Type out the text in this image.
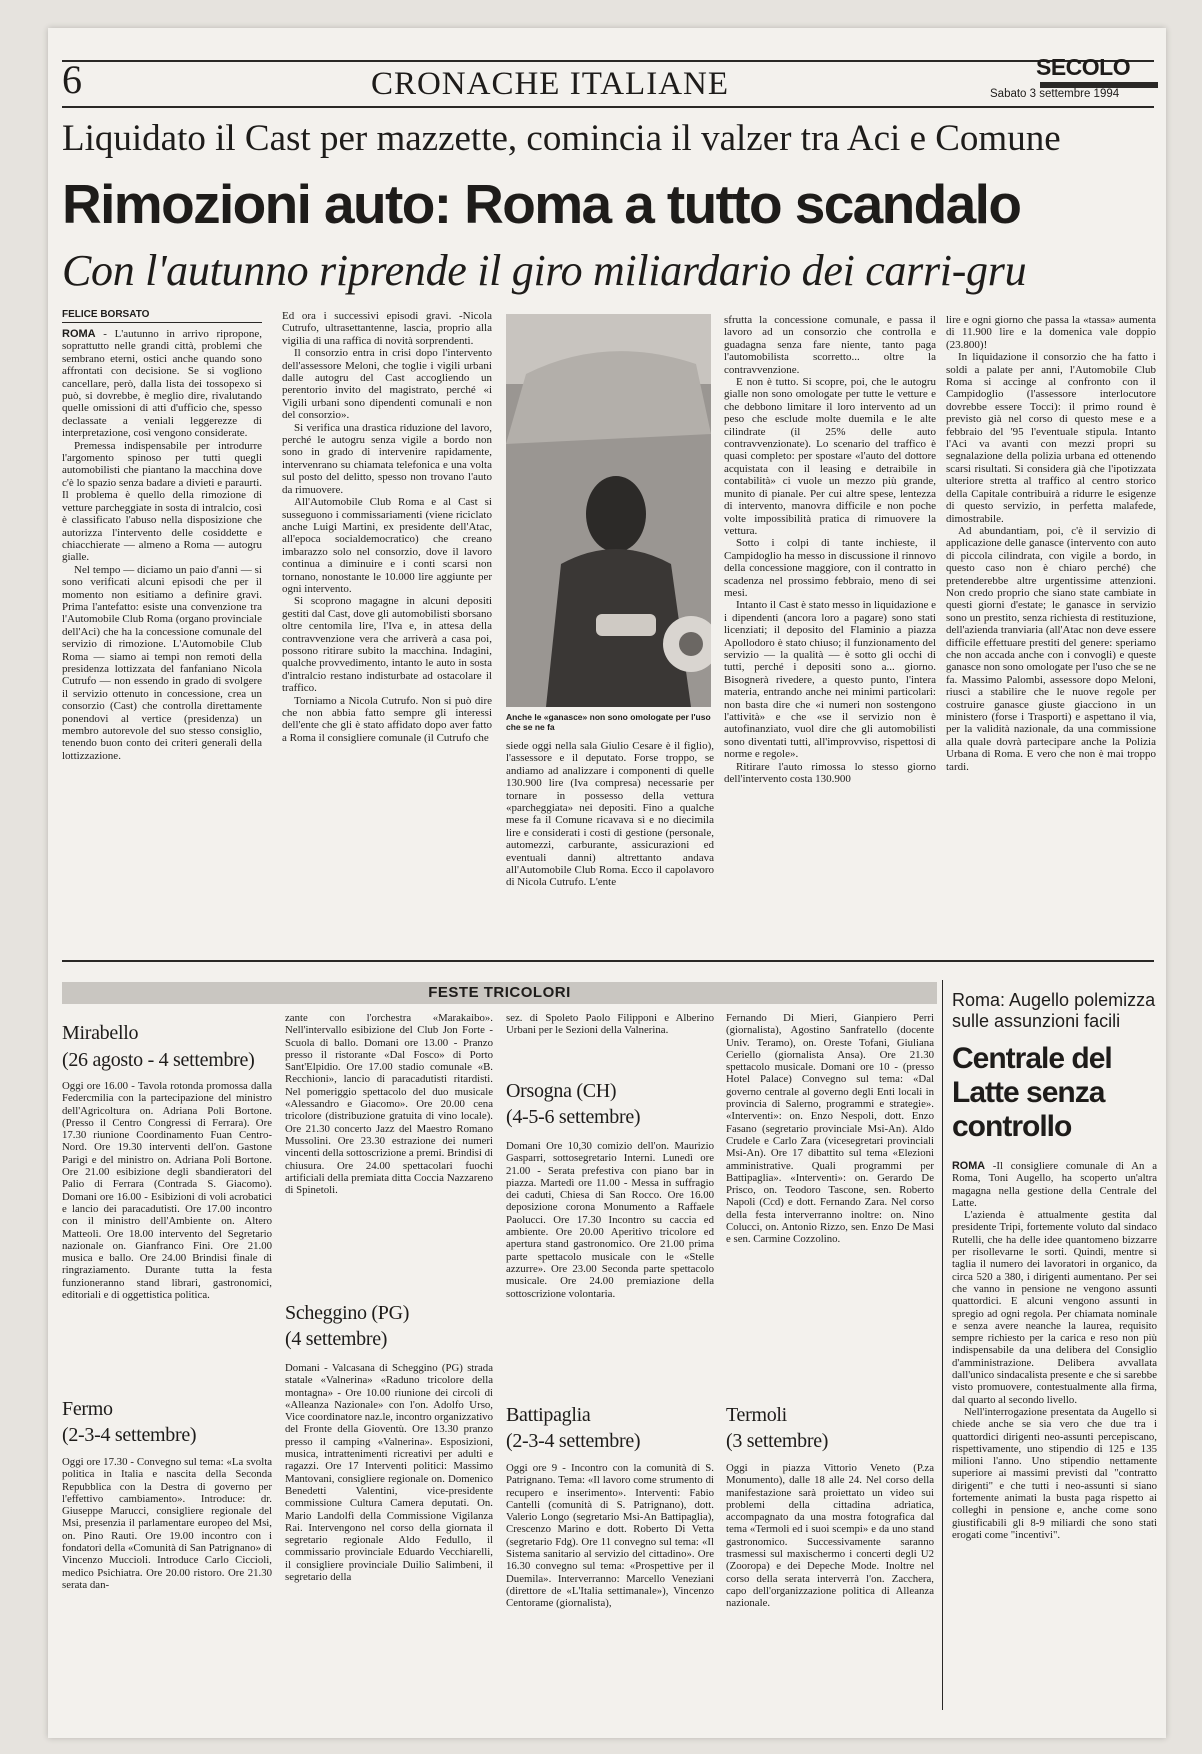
6	CRONACHE ITALIANE	SECOLO
Sabato 3 settembre 1994
Liquidato il Cast per mazzette, comincia il valzer tra Aci e Comune
Rimozioni auto: Roma a tutto scandalo
Con l'autunno riprende il giro miliardario dei carri-gru
FELICE BORSATO

ROMA - L'autunno in arrivo ripropone, soprattutto nelle grandi città, problemi che sembrano eterni, ostici anche quando sono affrontati con decisione. Se si vogliono cancellare, però, dalla lista dei tossopexo si può, si dovrebbe, è meglio dire, rivalutando quelle omissioni di atti d'ufficio che, spesso declassate a veniali leggerezze di interpretazione, così vengono considerate.

Premessa indispensabile per introdurre l'argomento spinoso per tutti quegli automobilisti che piantano la macchina dove c'è lo spazio senza badare a divieti e paraurti. Il problema è quello della rimozione di vetture parcheggiate in sosta di intralcio, così è classificato l'abuso nella disposizione che autorizza l'intervento delle cosiddette e chiacchierate — almeno a Roma — autogru gialle.

Nel tempo — diciamo un paio d'anni — si sono verificati alcuni episodi che per il momento non esitiamo a definire gravi. Prima l'antefatto: esiste una convenzione tra l'Automobile Club Roma (organo provinciale dell'Aci) che ha la concessione comunale del servizio di rimozione. L'Automobile Club Roma — siamo ai tempi non remoti della presidenza lottizzata del fanfaniano Nicola Cutrufo — non essendo in grado di svolgere il servizio ottenuto in concessione, crea un consorzio (Cast) che controlla direttamente ponendovi al vertice (presidenza) un membro autorevole del suo stesso consiglio, tenendo buon conto dei criteri generali della lottizzazione.

Ed ora i successivi episodi gravi. -Nicola Cutrufo, ultrasettantenne, lascia, proprio alla vigilia di una raffica di novità sorprendenti.

Il consorzio entra in crisi dopo l'intervento dell'assessore Meloni, che toglie i vigili urbani dalle autogru del Cast accogliendo un perentorio invito del magistrato, perché «i Vigili urbani sono dipendenti comunali e non del consorzio».

Si verifica una drastica riduzione del lavoro, perché le autogru senza vigile a bordo non sono in grado di intervenire rapidamente, intervenrano su chiamata telefonica e una volta sul posto del delitto, spesso non trovano l'auto da rimuovere.

All'Automobile Club Roma e al Cast si susseguono i commissariamenti (viene riciclato anche Luigi Martini, ex presidente dell'Atac, all'epoca socialdemocratico) che creano imbarazzo solo nel consorzio, dove il lavoro continua a diminuire e i conti scarsi non tornano, nonostante le 10.000 lire aggiunte per ogni intervento.

Si scoprono magagne in alcuni depositi gestiti dal Cast, dove gli automobilisti sborsano oltre centomila lire, l'Iva e, in attesa della contravvenzione vera che arriverà a casa poi, possono ritirare subito la macchina. Indagini, qualche provvedimento, intanto le auto in sosta d'intralcio restano indisturbate ad ostacolare il traffico.

Torniamo a Nicola Cutrufo. Non si può dire che non abbia fatto sempre gli interessi dell'ente che gli è stato affidato dopo aver fatto a Roma il consigliere comunale (il Cutrufo che

Anche le «ganasce» non sono omologate per l'uso che se ne fa

siede oggi nella sala Giulio Cesare è il figlio), l'assessore e il deputato. Forse troppo, se andiamo ad analizzare i componenti di quelle 130.900 lire (Iva compresa) necessarie per tornare in possesso della vettura «parcheggiata» nei depositi. Fino a qualche mese fa il Comune ricavava sì e no diecimila lire e considerati i costi di gestione (personale, automezzi, carburante, assicurazioni ed eventuali danni) altrettanto andava all'Automobile Club Roma. Ecco il capolavoro di Nicola Cutrufo. L'ente

sfrutta la concessione comunale, e passa il lavoro ad un consorzio che controlla e guadagna senza fare niente, tanto paga l'automobilista scorretto... oltre la contravvenzione.

E non è tutto. Si scopre, poi, che le autogru gialle non sono omologate per tutte le vetture e che debbono limitare il loro intervento ad un peso che esclude molte duemila e le alte cilindrate (il 25% delle auto contravvenzionate). Lo scenario del traffico è quasi completo: per spostare «l'auto del dottore acquistata con il leasing e detraibile in contabilità» ci vuole un mezzo più grande, munito di pianale. Per cui altre spese, lentezza di intervento, manovra difficile e non poche volte impossibilità pratica di rimuovere la vettura.

Sotto i colpi di tante inchieste, il Campidoglio ha messo in discussione il rinnovo della concessione maggiore, con il contratto in scadenza nel prossimo febbraio, meno di sei mesi.

Intanto il Cast è stato messo in liquidazione e i dipendenti (ancora loro a pagare) sono stati licenziati; il deposito del Flaminio a piazza Apollodoro è stato chiuso; il funzionamento del servizio — la qualità — è sotto gli occhi di tutti, perché i depositi sono a... giorno. Bisognerà rivedere, a questo punto, l'intera materia, entrando anche nei minimi particolari: non basta dire che «i numeri non sostengono l'attività» e che «se il servizio non è autofinanziato, vuol dire che gli automobilisti sono diventati tutti, all'improvviso, rispettosi di norme e regole».

Ritirare l'auto rimossa lo stesso giorno dell'intervento costa 130.900

lire e ogni giorno che passa la «tassa» aumenta di 11.900 lire e la domenica vale doppio (23.800)!

In liquidazione il consorzio che ha fatto i soldi a palate per anni, l'Automobile Club Roma si accinge al confronto con il Campidoglio (l'assessore interlocutore dovrebbe essere Tocci): il primo round è previsto già nel corso di questo mese e a febbraio del '95 l'eventuale stipula. Intanto l'Aci va avanti con mezzi propri su segnalazione della polizia urbana ed ottenendo scarsi risultati. Si considera già che l'ipotizzata ulteriore stretta al traffico al centro storico della Capitale contribuirà a ridurre le esigenze di questo servizio, in perfetta malafede, dimostrabile.

Ad abundantiam, poi, c'è il servizio di applicazione delle ganasce (intervento con auto di piccola cilindrata, con vigile a bordo, in questo caso non è chiaro perché) che pretenderebbe altre urgentissime attenzioni. Non credo proprio che siano state cambiate in questi giorni d'estate; le ganasce in servizio sono un prestito, senza richiesta di restituzione, dell'azienda tranviaria (all'Atac non deve essere difficile effettuare prestiti del genere: speriamo che non accada anche con i convogli) e queste ganasce non sono omologate per l'uso che se ne fa. Massimo Palombi, assessore dopo Meloni, riuscì a stabilire che le nuove regole per costruire ganasce giuste giacciono in un ministero (forse i Trasporti) e aspettano il via, per la validità nazionale, da una commissione alla quale dovrà partecipare anche la Polizia Urbana di Roma. E vero che non è mai troppo tardi.

FESTE TRICOLORI
Mirabello
(26 agosto - 4 settembre)

Oggi ore 16.00 - Tavola rotonda promossa dalla Federcmilia con la partecipazione del ministro dell'Agricoltura on. Adriana Poli Bortone. (Presso il Centro Congressi di Ferrara). Ore 17.30 riunione Coordinamento Fuan Centro-Nord. Ore 19.30 interventi dell'on. Gastone Parigi e del ministro on. Adriana Poli Bortone. Ore 21.00 esibizione degli sbandieratori del Palio di Ferrara (Contrada S. Giacomo). Domani ore 16.00 - Esibizioni di voli acrobatici e lancio dei paracadutisti. Ore 17.00 incontro con il ministro dell'Ambiente on. Altero Matteoli. Ore 18.00 intervento del Segretario nazionale on. Gianfranco Fini. Ore 21.00 musica e ballo. Ore 24.00 Brindisi finale di ringraziamento. Durante tutta la festa funzioneranno stand librari, gastronomici, editoriali e di oggettistica politica.

Fermo
(2-3-4 settembre)

Oggi ore 17.30 - Convegno sul tema: «La svolta politica in Italia e nascita della Seconda Repubblica con la Destra di governo per l'effettivo cambiamento». Introduce: dr. Giuseppe Marucci, consigliere regionale del Msi, presenzia il parlamentare europeo del Msi, on. Pino Rauti. Ore 19.00 incontro con i fondatori della «Comunità di San Patrignano» di Vincenzo Muccioli. Introduce Carlo Ciccioli, medico Psichiatra. Ore 20.00 ristoro. Ore 21.30 serata dan-

zante con l'orchestra «Marakaibo». Nell'intervallo esibizione del Club Jon Forte - Scuola di ballo. Domani ore 13.00 - Pranzo presso il ristorante «Dal Fosco» di Porto Sant'Elpidio. Ore 17.00 stadio comunale «B. Recchioni», lancio di paracadutisti ritardisti. Nel pomeriggio spettacolo del duo musicale «Alessandro e Giacomo». Ore 20.00 cena tricolore (distribuzione gratuita di vino locale). Ore 21.30 concerto Jazz del Maestro Romano Mussolini. Ore 23.30 estrazione dei numeri vincenti della sottoscrizione a premi. Brindisi di chiusura. Ore 24.00 spettacolari fuochi artificiali della premiata ditta Coccia Nazzareno di Spinetoli.

Scheggino (PG)
(4 settembre)

Domani - Valcasana di Scheggino (PG) strada statale «Valnerina» «Raduno tricolore della montagna» - Ore 10.00 riunione dei circoli di «Alleanza Nazionale» con l'on. Adolfo Urso, Vice coordinatore naz.le, incontro organizzativo del Fronte della Gioventù. Ore 13.30 pranzo presso il camping «Valnerina». Esposizioni, musica, intrattenimenti ricreativi per adulti e ragazzi. Ore 17 Interventi politici: Massimo Mantovani, consigliere regionale on. Domenico Benedetti Valentini, vice-presidente commissione Cultura Camera deputati. On. Mario Landolfi della Commissione Vigilanza Rai. Intervengono nel corso della giornata il segretario regionale Aldo Fedullo, il commissario provinciale Eduardo Vecchiarelli, il consigliere provinciale Duilio Salimbeni, il segretario della

sez. di Spoleto Paolo Filipponi e Alberino Urbani per le Sezioni della Valnerina.

Orsogna (CH)
(4-5-6 settembre)

Domani Ore 10,30 comizio dell'on. Maurizio Gasparri, sottosegretario Interni. Lunedì ore 21.00 - Serata prefestiva con piano bar in piazza. Martedì ore 11.00 - Messa in suffragio dei caduti, Chiesa di San Rocco. Ore 16.00 deposizione corona Monumento a Raffaele Paolucci. Ore 17.30 Incontro su caccia ed ambiente. Ore 20.00 Aperitivo tricolore ed apertura stand gastronomico. Ore 21.00 prima parte spettacolo musicale con le «Stelle azzurre». Ore 23.00 Seconda parte spettacolo musicale. Ore 24.00 premiazione della sottoscrizione volontaria.

Battipaglia
(2-3-4 settembre)

Oggi ore 9 - Incontro con la comunità di S. Patrignano. Tema: «Il lavoro come strumento di recupero e inserimento». Interventi: Fabio Cantelli (comunità di S. Patrignano), dott. Valerio Longo (segretario Msi-An Battipaglia), Crescenzo Marino e dott. Roberto Di Vetta (segretario Fdg). Ore 11 convegno sul tema: «Il Sistema sanitario al servizio del cittadino». Ore 16.30 convegno sul tema: «Prospettive per il Duemila». Interverranno: Marcello Veneziani (direttore de «L'Italia settimanale»), Vincenzo Centorame (giornalista),

Fernando Di Mieri, Gianpiero Perri (giornalista), Agostino Sanfratello (docente Univ. Teramo), on. Oreste Tofani, Giuliana Ceriello (giornalista Ansa). Ore 21.30 spettacolo musicale. Domani ore 10 - (presso Hotel Palace) Convegno sul tema: «Dal governo centrale al governo degli Enti locali in provincia di Salerno, programmi e strategie». «Interventi»: on. Enzo Nespoli, dott. Enzo Fasano (segretario provinciale Msi-An). Aldo Crudele e Carlo Zara (vicesegretari provinciali Msi-An). Ore 17 dibattito sul tema «Elezioni amministrative. Quali programmi per Battipaglia». «Interventi»: on. Gerardo De Prisco, on. Teodoro Tascone, sen. Roberto Napoli (Ccd) e dott. Fernando Zara. Nel corso della festa interverranno inoltre: on. Nino Colucci, on. Antonio Rizzo, sen. Enzo De Masi e sen. Carmine Cozzolino.

Termoli
(3 settembre)

Oggi in piazza Vittorio Veneto (P.za Monumento), dalle 18 alle 24. Nel corso della manifestazione sarà proiettato un video sui problemi della cittadina adriatica, accompagnato da una mostra fotografica dal tema «Termoli ed i suoi scempi» e da uno stand gastronomico. Successivamente saranno trasmessi sul maxischermo i concerti degli U2 (Zooropa) e dei Depeche Mode. Inoltre nel corso della serata interverrà l'on. Zacchera, capo dell'organizzazione politica di Alleanza nazionale.

Roma: Augello polemizza sulle assunzioni facili
Centrale del Latte senza controllo

ROMA -Il consigliere comunale di An a Roma, Toni Augello, ha scoperto un'altra magagna nella gestione della Centrale del Latte.

L'azienda è attualmente gestita dal presidente Tripi, fortemente voluto dal sindaco Rutelli, che ha delle idee quantomeno bizzarre per risollevarne le sorti. Quindi, mentre si taglia il numero dei lavoratori in organico, da circa 520 a 380, i dirigenti aumentano. Per sei che vanno in pensione ne vengono assunti quattordici. E alcuni vengono assunti in spregio ad ogni regola. Per chiamata nominale e senza avere neanche la laurea, requisito sempre richiesto per la carica e reso non più indispensabile da una delibera del Consiglio d'amministrazione. Delibera avvallata dall'unico sindacalista presente e che si sarebbe visto promuovere, contestualmente alla firma, dal quarto al secondo livello.

Nell'interrogazione presentata da Augello si chiede anche se sia vero che due tra i quattordici dirigenti neo-assunti percepiscano, rispettivamente, uno stipendio di 125 e 135 milioni l'anno. Uno stipendio nettamente superiore ai massimi previsti dal "contratto dirigenti" e che tutti i neo-assunti si siano fortemente animati la busta paga rispetto ai colleghi in pensione e, anche come sono giustificabili gli 8-9 miliardi che sono stati erogati come "incentivi".
